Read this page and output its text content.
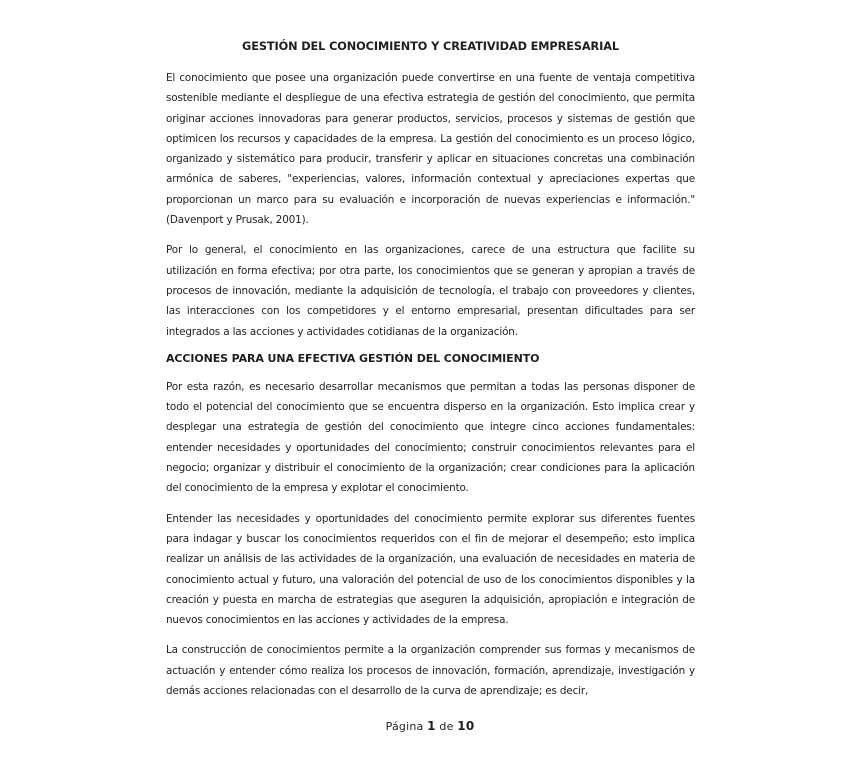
GESTIÓN DEL CONOCIMIENTO Y CREATIVIDAD EMPRESARIAL

El conocimiento que posee una organización puede convertirse en una fuente de ventaja competitiva sostenible mediante el despliegue de una efectiva estrategia de gestión del conocimiento, que permita originar acciones innovadoras para generar productos, servicios, procesos y sistemas de gestión que optimicen los recursos y capacidades de la empresa. La gestión del conocimiento es un proceso lógico, organizado y sistemático para producir, transferir y aplicar en situaciones concretas una combinación armónica de saberes, "experiencias, valores, información contextual y apreciaciones expertas que proporcionan un marco para su evaluación e incorporación de nuevas experiencias e información." (Davenport y Prusak, 2001).

Por lo general, el conocimiento en las organizaciones, carece de una estructura que facilite su utilización en forma efectiva; por otra parte, los conocimientos que se generan y apropian a través de procesos de innovación, mediante la adquisición de tecnología, el trabajo con proveedores y clientes, las interacciones con los competidores y el entorno empresarial, presentan dificultades para ser integrados a las acciones y actividades cotidianas de la organización.

ACCIONES PARA UNA EFECTIVA GESTIÓN DEL CONOCIMIENTO

Por esta razón, es necesario desarrollar mecanismos que permitan a todas las personas disponer de todo el potencial del conocimiento que se encuentra disperso en la organización. Esto implica crear y desplegar una estrategia de gestión del conocimiento que integre cinco acciones fundamentales: entender necesidades y oportunidades del conocimiento; construir conocimientos relevantes para el negocio; organizar y distribuir el conocimiento de la organización; crear condiciones para la aplicación del conocimiento de la empresa y explotar el conocimiento.

Entender las necesidades y oportunidades del conocimiento permite explorar sus diferentes fuentes para indagar y buscar los conocimientos requeridos con el fin de mejorar el desempeño; esto implica realizar un análisis de las actividades de la organización, una evaluación de necesidades en materia de conocimiento actual y futuro, una valoración del potencial de uso de los conocimientos disponibles y la creación y puesta en marcha de estrategias que aseguren la adquisición, apropiación e integración de nuevos conocimientos en las acciones y actividades de la empresa.

La construcción de conocimientos permite a la organización comprender sus formas y mecanismos de actuación y entender cómo realiza los procesos de innovación, formación, aprendizaje, investigación y demás acciones relacionadas con el desarrollo de la curva de aprendizaje; es decir,

Página 1 de 10
